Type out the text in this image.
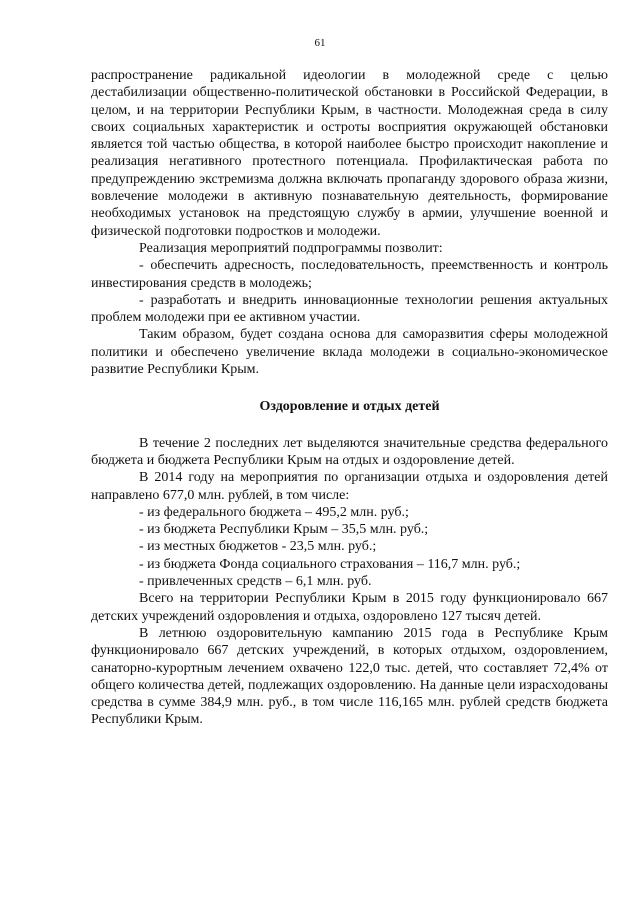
61

распространение радикальной идеологии в молодежной среде с целью дестабилизации общественно-политической обстановки в Российской Федерации, в целом, и на территории Республики Крым, в частности. Молодежная среда в силу своих социальных характеристик и остроты восприятия окружающей обстановки является той частью общества, в которой наиболее быстро происходит накопление и реализация негативного протестного потенциала. Профилактическая работа по предупреждению экстремизма должна включать пропаганду здорового образа жизни, вовлечение молодежи в активную познавательную деятельность, формирование необходимых установок на предстоящую службу в армии, улучшение военной и физической подготовки подростков и молодежи.

Реализация мероприятий подпрограммы позволит:

- обеспечить адресность, последовательность, преемственность и контроль инвестирования средств в молодежь;

- разработать и внедрить инновационные технологии решения актуальных проблем молодежи при ее активном участии.

Таким образом, будет создана основа для саморазвития сферы молодежной политики и обеспечено увеличение вклада молодежи в социально-экономическое развитие Республики Крым.

Оздоровление и отдых детей

В течение 2 последних лет выделяются значительные средства федерального бюджета и бюджета Республики Крым на отдых и оздоровление детей.

В 2014 году на мероприятия по организации отдыха и оздоровления детей направлено 677,0 млн. рублей, в том числе:

- из федерального бюджета – 495,2 млн. руб.;

- из бюджета Республики Крым – 35,5 млн. руб.;

- из местных бюджетов - 23,5 млн. руб.;

- из бюджета Фонда социального страхования – 116,7 млн. руб.;

- привлеченных средств – 6,1 млн. руб.

Всего на территории Республики Крым в 2015 году функционировало 667 детских учреждений оздоровления и отдыха, оздоровлено 127 тысяч детей.

В летнюю оздоровительную кампанию 2015 года в Республике Крым функционировало 667 детских учреждений, в которых отдыхом, оздоровлением, санаторно-курортным лечением охвачено 122,0 тыс. детей, что составляет 72,4% от общего количества детей, подлежащих оздоровлению. На данные цели израсходованы средства в сумме 384,9 млн. руб., в том числе 116,165 млн. рублей средств бюджета Республики Крым.
